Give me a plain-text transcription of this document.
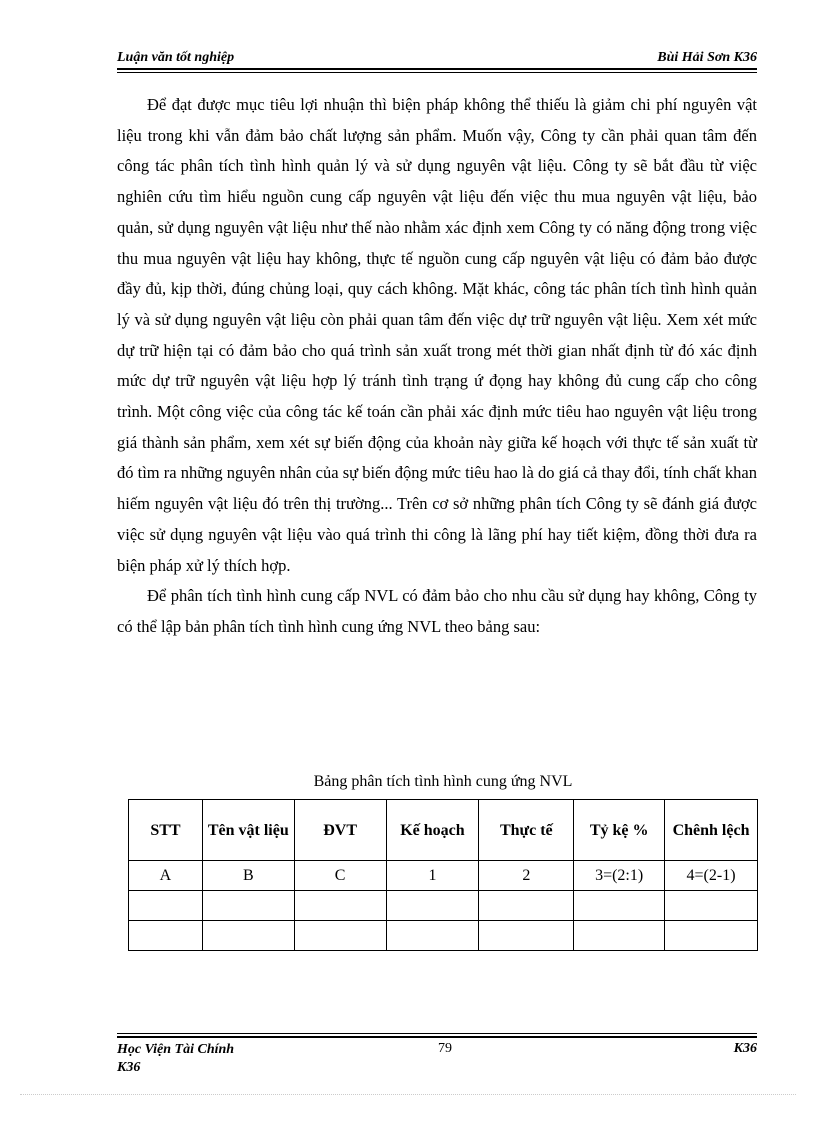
Luận văn tốt nghiệp	Bùi Hải Sơn K36

Để đạt được mục tiêu lợi nhuận thì biện pháp không thể thiếu là giảm chi phí nguyên vật liệu trong khi vẫn đảm bảo chất lượng sản phẩm. Muốn vậy, Công ty cần phải quan tâm đến công tác phân tích tình hình quản lý và sử dụng nguyên vật liệu. Công ty sẽ bắt đầu từ việc nghiên cứu tìm hiểu nguồn cung cấp nguyên vật liệu đến việc thu mua nguyên vật liệu, bảo quản, sử dụng nguyên vật liệu như thế nào nhằm xác định xem Công ty có năng động trong việc thu mua nguyên vật liệu hay không, thực tế nguồn cung cấp nguyên vật liệu có đảm bảo được đầy đủ, kịp thời, đúng chủng loại, quy cách không. Mặt khác, công tác phân tích tình hình quản lý và sử dụng nguyên vật liệu còn phải quan tâm đến việc dự trữ nguyên vật liệu. Xem xét mức dự trữ hiện tại có đảm bảo cho quá trình sản xuất trong mét thời gian nhất định từ đó xác định mức dự trữ nguyên vật liệu hợp lý tránh tình trạng ứ đọng hay không đủ cung cấp cho công trình. Một công việc của công tác kế toán cần phải xác định mức tiêu hao nguyên vật liệu trong giá thành sản phẩm, xem xét sự biến động của khoản này giữa kế hoạch với thực tế sản xuất từ đó tìm ra những nguyên nhân của sự biến động mức tiêu hao là do giá cả thay đổi, tính chất khan hiếm nguyên vật liệu đó trên thị trường... Trên cơ sở những phân tích Công ty sẽ đánh giá được việc sử dụng nguyên vật liệu vào quá trình thi công là lãng phí hay tiết kiệm, đồng thời đưa ra biện pháp xử lý thích hợp.

Để phân tích tình hình cung cấp NVL có đảm bảo cho nhu cầu sử dụng hay không, Công ty có thể lập bản phân tích tình hình cung ứng NVL theo bảng sau:

Bảng phân tích tình hình cung ứng NVL
STT	Tên vật liệu	ĐVT	Kế hoạch	Thực tế	Tỷ kệ %	Chênh lệch
A	B	C	1	2	3=(2:1)	4=(2-1)

Học Viện Tài Chính
K36
79	K36
